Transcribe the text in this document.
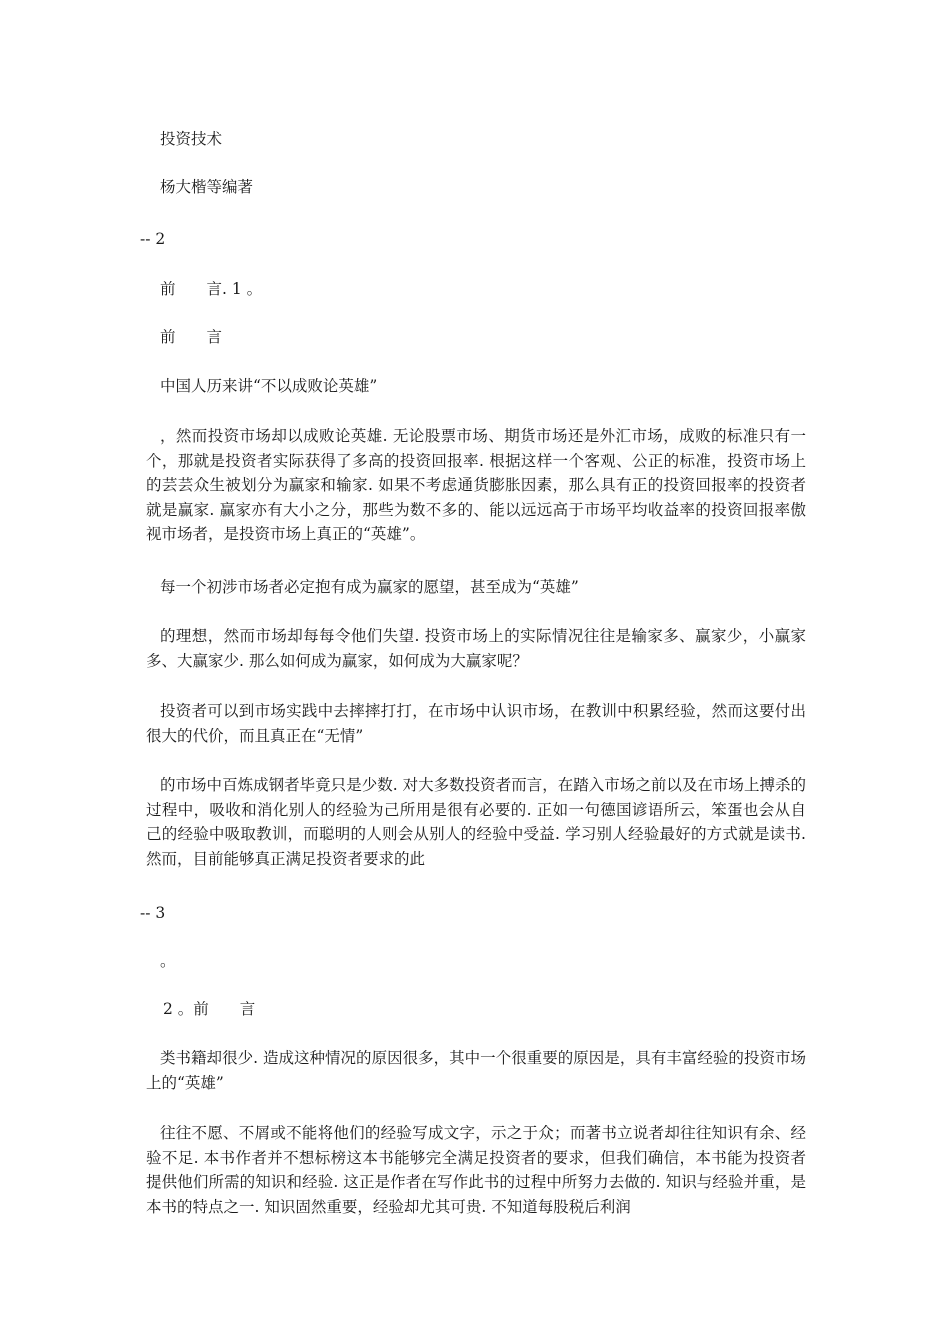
投资技术
杨大楷等编著
-- 2
前　　言. 1 。
前　　言
中国人历来讲“不以成败论英雄”
，然而投资市场却以成败论英雄. 无论股票市场、期货市场还是外汇市场，成败的标准只有一个，那就是投资者实际获得了多高的投资回报率. 根据这样一个客观、公正的标准，投资市场上的芸芸众生被划分为赢家和输家. 如果不考虑通货膨胀因素，那么具有正的投资回报率的投资者就是赢家. 赢家亦有大小之分，那些为数不多的、能以远远高于市场平均收益率的投资回报率傲视市场者，是投资市场上真正的“英雄”。
每一个初涉市场者必定抱有成为赢家的愿望，甚至成为“英雄”
的理想，然而市场却每每令他们失望. 投资市场上的实际情况往往是输家多、赢家少，小赢家多、大赢家少. 那么如何成为赢家，如何成为大赢家呢？
投资者可以到市场实践中去摔摔打打，在市场中认识市场，在教训中积累经验，然而这要付出很大的代价，而且真正在“无情”
的市场中百炼成钢者毕竟只是少数. 对大多数投资者而言，在踏入市场之前以及在市场上搏杀的过程中，吸收和消化别人的经验为己所用是很有必要的. 正如一句德国谚语所云，笨蛋也会从自己的经验中吸取教训，而聪明的人则会从别人的经验中受益. 学习别人经验最好的方式就是读书. 然而，目前能够真正满足投资者要求的此
-- 3
。
2 。前　　言
类书籍却很少. 造成这种情况的原因很多，其中一个很重要的原因是，具有丰富经验的投资市场上的“英雄”
往往不愿、不屑或不能将他们的经验写成文字，示之于众；而著书立说者却往往知识有余、经验不足. 本书作者并不想标榜这本书能够完全满足投资者的要求，但我们确信，本书能为投资者提供他们所需的知识和经验. 这正是作者在写作此书的过程中所努力去做的. 知识与经验并重，是本书的特点之一. 知识固然重要，经验却尤其可贵. 不知道每股税后利润
